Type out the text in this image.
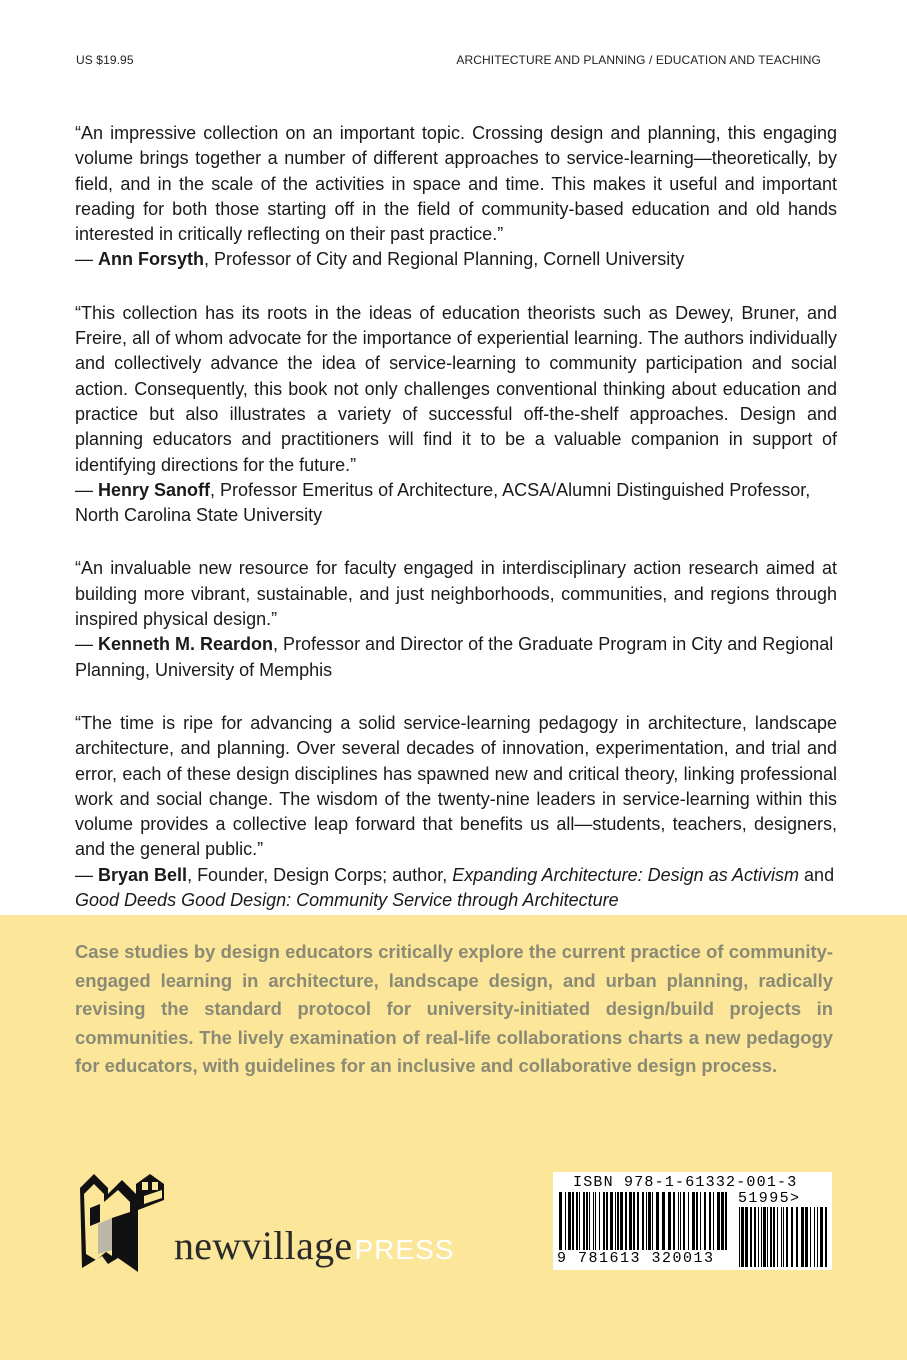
US $19.95	ARCHITECTURE AND PLANNING / EDUCATION AND TEACHING

“An impressive collection on an important topic. Crossing design and planning, this engaging volume brings together a number of different approaches to service-learning—theoretically, by field, and in the scale of the activities in space and time. This makes it useful and important reading for both those starting off in the field of community-based education and old hands interested in critically reflecting on their past practice.”

— Ann Forsyth, Professor of City and Regional Planning, Cornell University

“This collection has its roots in the ideas of education theorists such as Dewey, Bruner, and Freire, all of whom advocate for the importance of experiential learning. The authors individually and collectively advance the idea of service-learning to community participation and social action. Consequently, this book not only challenges conventional thinking about education and practice but also illustrates a variety of successful off-the-shelf approaches. Design and planning educators and practitioners will find it to be a valuable companion in support of identifying directions for the future.”

— Henry Sanoff, Professor Emeritus of Architecture, ACSA/Alumni Distinguished Professor, North Carolina State University

“An invaluable new resource for faculty engaged in interdisciplinary action research aimed at building more vibrant, sustainable, and just neighborhoods, communities, and regions through inspired physical design.”

— Kenneth M. Reardon, Professor and Director of the Graduate Program in City and Regional Planning, University of Memphis

“The time is ripe for advancing a solid service-learning pedagogy in architecture, landscape architecture, and planning. Over several decades of innovation, experimentation, and trial and error, each of these design disciplines has spawned new and critical theory, linking professional work and social change. The wisdom of the twenty-nine leaders in service-learning within this volume provides a collective leap forward that benefits us all—students, teachers, designers, and the general public.”

— Bryan Bell, Founder, Design Corps; author, Expanding Architecture: Design as Activism and Good Deeds Good Design: Community Service through Architecture

Case studies by design educators critically explore the current practice of community-engaged learning in architecture, landscape design, and urban planning, radically revising the standard protocol for university-initiated design/build projects in communities. The lively examination of real-life collaborations charts a new pedagogy for educators, with guidelines for an inclusive and collaborative design process.

newvillagePRESS
ISBN 978-1-61332-001-3
51995>
9 781613 320013
